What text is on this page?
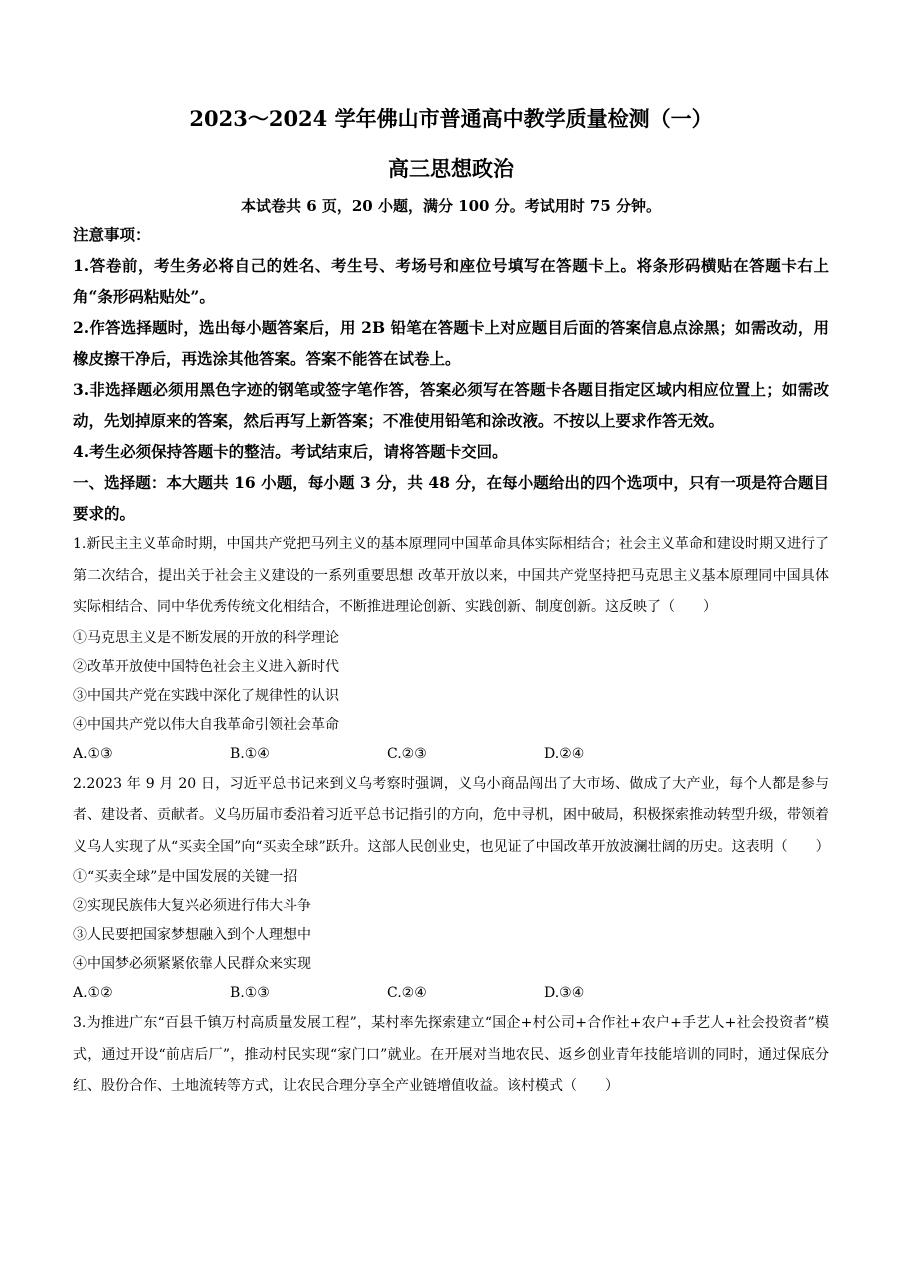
2023～2024 学年佛山市普通高中教学质量检测（一）
高三思想政治
本试卷共 6 页，20 小题，满分 100 分。考试用时 75 分钟。

注意事项：

1.答卷前，考生务必将自己的姓名、考生号、考场号和座位号填写在答题卡上。将条形码横贴在答题卡右上角“条形码粘贴处”。

2.作答选择题时，选出每小题答案后，用 2B 铅笔在答题卡上对应题目后面的答案信息点涂黑；如需改动，用橡皮擦干净后，再选涂其他答案。答案不能答在试卷上。

3.非选择题必须用黑色字迹的钢笔或签字笔作答，答案必须写在答题卡各题目指定区域内相应位置上；如需改动，先划掉原来的答案，然后再写上新答案；不准使用铅笔和涂改液。不按以上要求作答无效。

4.考生必须保持答题卡的整洁。考试结束后，请将答题卡交回。

一、选择题：本大题共 16 小题，每小题 3 分，共 48 分，在每小题给出的四个选项中，只有一项是符合题目要求的。

1.新民主主义革命时期，中国共产党把马列主义的基本原理同中国革命具体实际相结合；社会主义革命和建设时期又进行了第二次结合，提出关于社会主义建设的一系列重要思想 改革开放以来，中国共产党坚持把马克思主义基本原理同中国具体实际相结合、同中华优秀传统文化相结合，不断推进理论创新、实践创新、制度创新。这反映了（　　）

①马克思主义是不断发展的开放的科学理论

②改革开放使中国特色社会主义进入新时代

③中国共产党在实践中深化了规律性的认识

④中国共产党以伟大自我革命引领社会革命

A.①③	B.①④	C.②③	D.②④

2.2023 年 9 月 20 日，习近平总书记来到义乌考察时强调，义乌小商品闯出了大市场、做成了大产业，每个人都是参与者、建设者、贡献者。义乌历届市委沿着习近平总书记指引的方向，危中寻机，困中破局，积极探索推动转型升级，带领着义乌人实现了从“买卖全国”向“买卖全球”跃升。这部人民创业史，也见证了中国改革开放波澜壮阔的历史。这表明（　　）

①“买卖全球”是中国发展的关键一招

②实现民族伟大复兴必须进行伟大斗争

③人民要把国家梦想融入到个人理想中

④中国梦必须紧紧依靠人民群众来实现

A.①②	B.①③	C.②④	D.③④

3.为推进广东“百县千镇万村高质量发展工程”，某村率先探索建立“国企+村公司+合作社+农户+手艺人+社会投资者”模式，通过开设“前店后厂”，推动村民实现“家门口”就业。在开展对当地农民、返乡创业青年技能培训的同时，通过保底分红、股份合作、土地流转等方式，让农民合理分享全产业链增值收益。该村模式（　　）
